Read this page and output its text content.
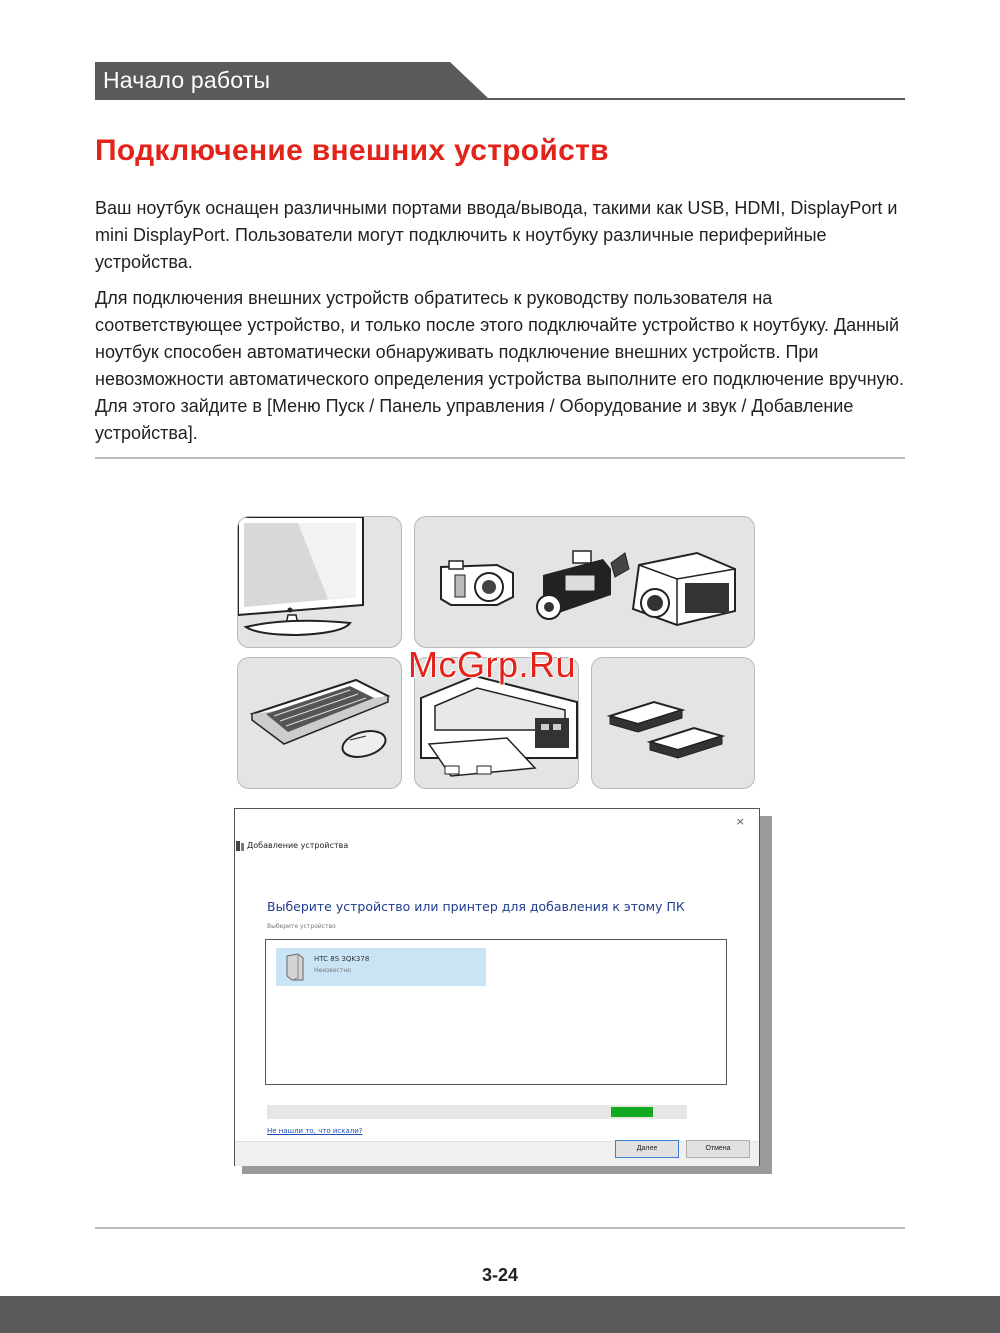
Начало работы
Подключение внешних устройств

Ваш ноутбук оснащен различными портами ввода/вывода, такими как USB, HDMI, DisplayPort и mini DisplayPort. Пользователи могут подключить к ноутбуку различные периферийные устройства.

Для подключения внешних устройств обратитесь к руководству пользователя на соответствующее устройство, и только после этого подключайте устройство к ноутбуку. Данный ноутбук способен автоматически обнаруживать подключение внешних устройств. При невозможности автоматического определения устройства выполните его подключение вручную. Для этого зайдите в [Меню Пуск / Панель управления / Оборудование и звук / Добавление устройства].

McGrp.Ru
×
Добавление устройства
Выберите устройство или принтер для добавления к этому ПК
Выберите устройство
HTC 8S 3QK378
Неизвестно
Не нашли то, что искали?
Далее	Отмена
3-24
